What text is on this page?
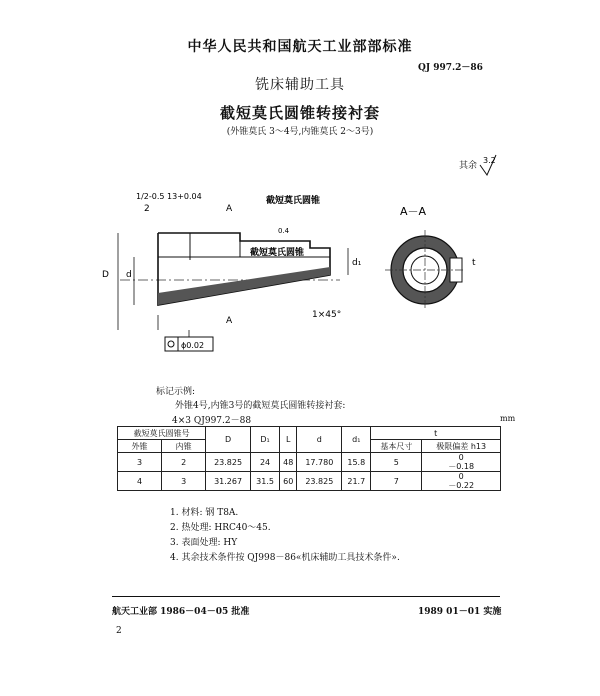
中华人民共和国航天工业部部标准
QJ 997.2－86
铣床辅助工具
截短莫氏圆锥转接衬套
(外锥莫氏 3～4号,内锥莫氏 2～3号)
D d
d₁
1/2-0.5 13+0.04
2	A
A
截短莫氏圆锥
截短莫氏圆锥
0.4
1×45°
ϕ0.02
3.2
A－A
t
其余
标记示例:
外锥4号,内锥3号的截短莫氏圆锥转接衬套:
4×3 QJ997.2－88	mm
截短莫氏圆锥号		D	D₁	L	d	d₁	t	
外锥	内锥						基本尺寸	极限偏差 h13
3	2	23.825	24	48	17.780	15.8	5	0
－0.18
4	3	31.267	31.5	60	23.825	21.7	7	0
－0.22
1. 材料: 钢 T8A.
2. 热处理: HRC40～45.
3. 表面处理: HY
4. 其余技术条件按 QJ998－86«机床辅助工具技术条件».
航天工业部 1986－04－05 批准	1989 01－01 实施
2
